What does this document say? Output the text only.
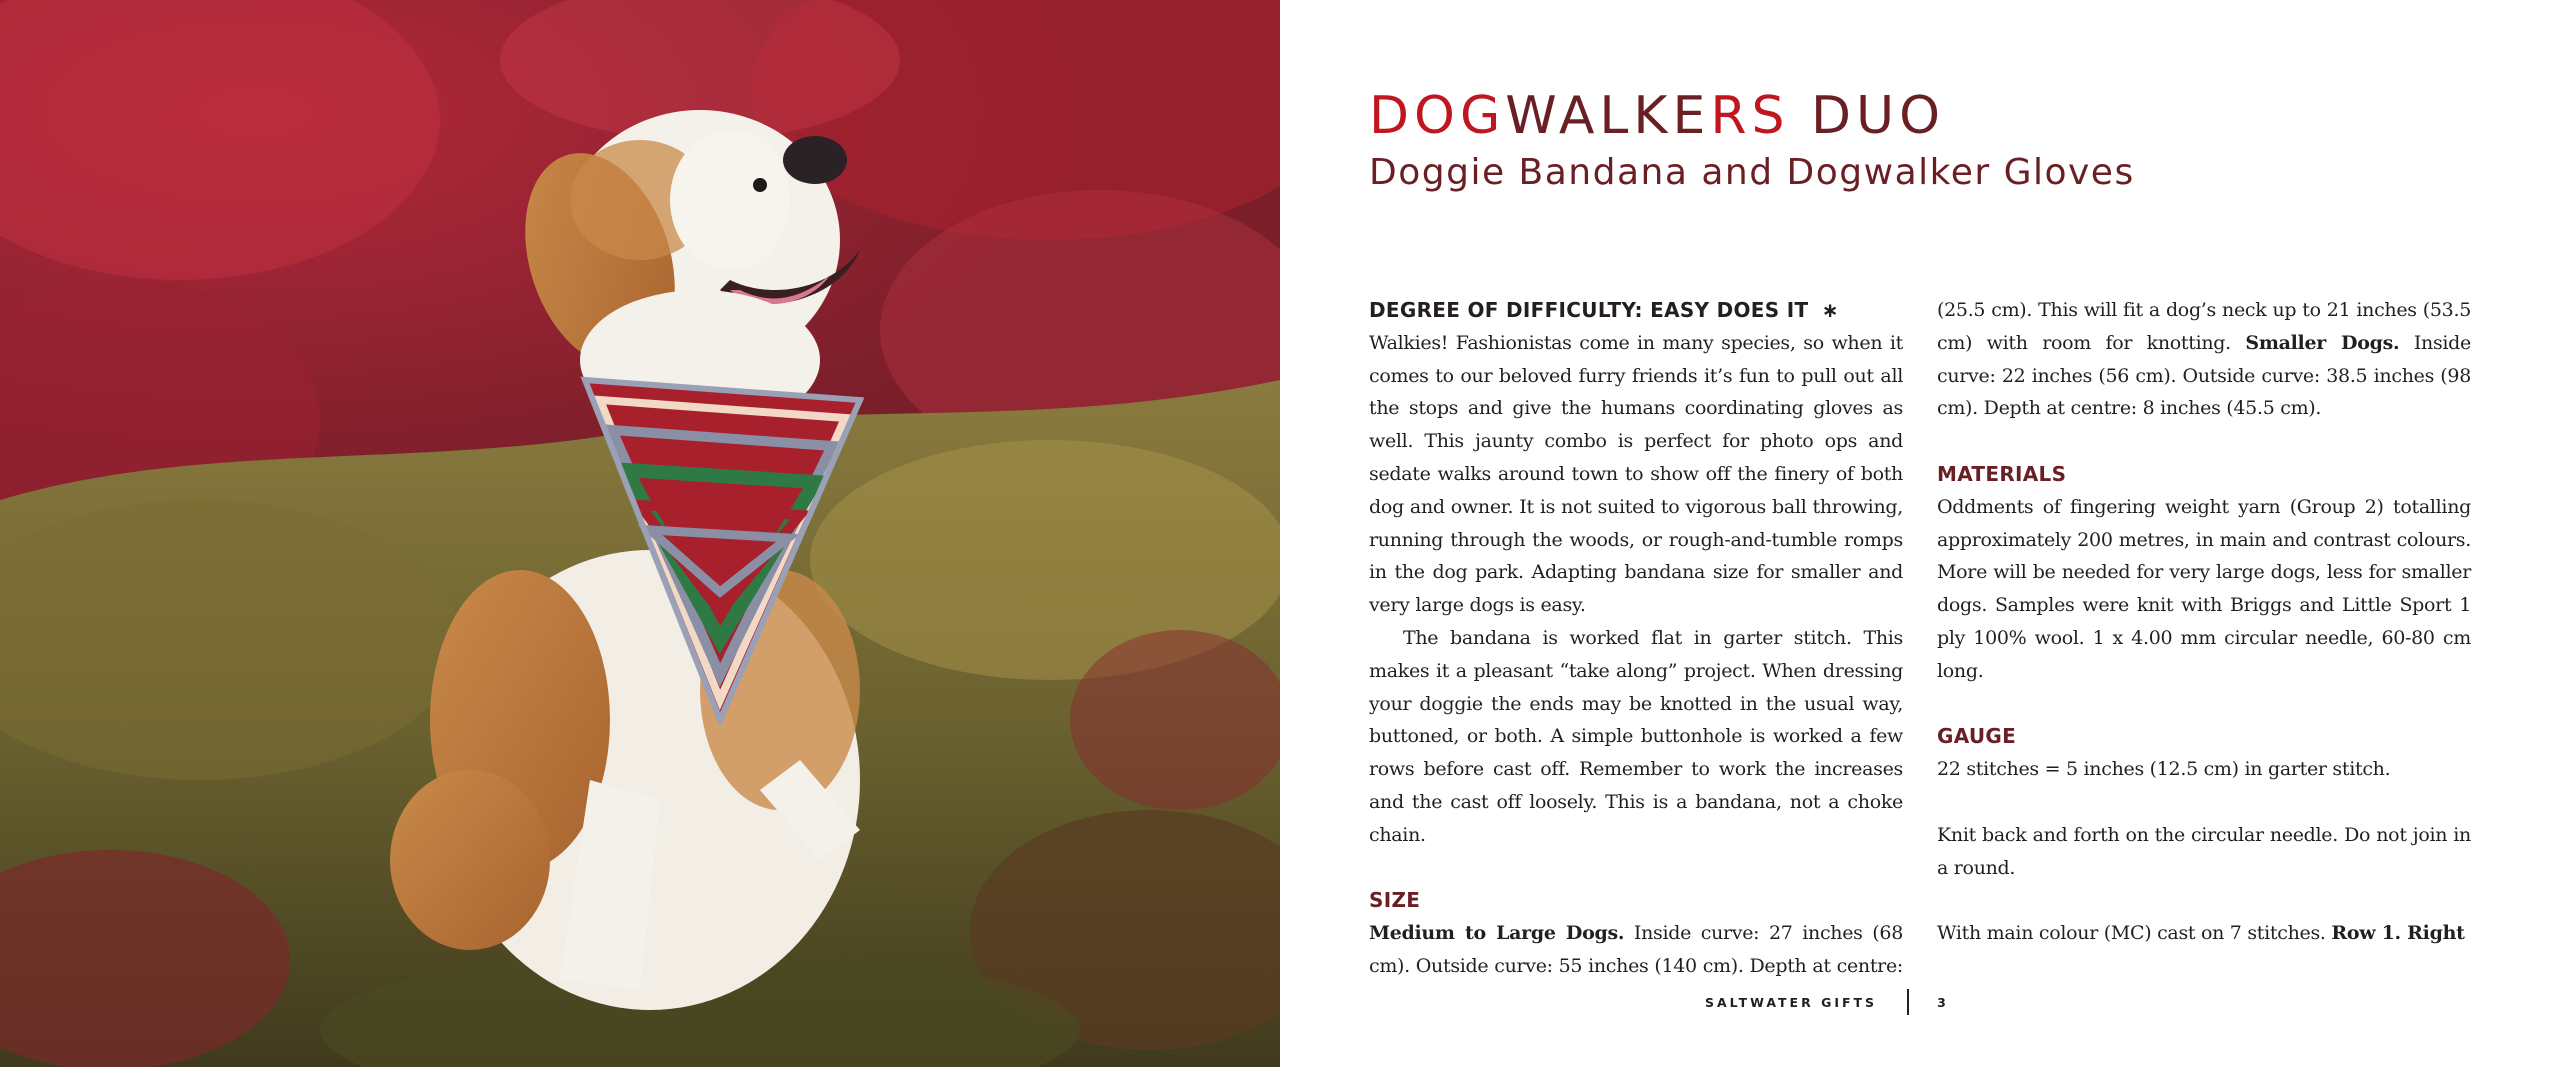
DOGWALKERS DUO
Doggie Bandana and Dogwalker Gloves

DEGREE OF DIFFICULTY: EASY DOES IT ∗

Walkies! Fashionistas come in many species, so when it comes to our beloved furry friends it’s fun to pull out all the stops and give the humans coordinating gloves as well. This jaunty combo is perfect for photo ops and sedate walks around town to show off the finery of both dog and owner. It is not suited to vigorous ball throwing, running through the woods, or rough-and-tumble romps in the dog park. Adapting bandana size for smaller and very large dogs is easy.

The bandana is worked flat in garter stitch. This makes it a pleasant “take along” project. When dressing your doggie the ends may be knotted in the usual way, buttoned, or both. A simple buttonhole is worked a few rows before cast off. Remember to work the increases and the cast off loosely. This is a bandana, not a choke chain.

SIZE

Medium to Large Dogs. Inside curve: 27 inches (68 cm). Outside curve: 55 inches (140 cm). Depth at centre:

(25.5 cm). This will fit a dog’s neck up to 21 inches (53.5 cm) with room for knotting. Smaller Dogs. Inside curve: 22 inches (56 cm). Outside curve: 38.5 inches (98 cm). Depth at centre: 8 inches (45.5 cm).

MATERIALS

Oddments of fingering weight yarn (Group 2) totalling approximately 200 metres, in main and contrast colours. More will be needed for very large dogs, less for smaller dogs. Samples were knit with Briggs and Little Sport 1 ply 100% wool. 1 x 4.00 mm circular needle, 60-80 cm long.

GAUGE

22 stitches = 5 inches (12.5 cm) in garter stitch.

Knit back and forth on the circular needle. Do not join in a round.

With main colour (MC) cast on 7 stitches. Row 1. Right

SALTWATER GIFTS	3
